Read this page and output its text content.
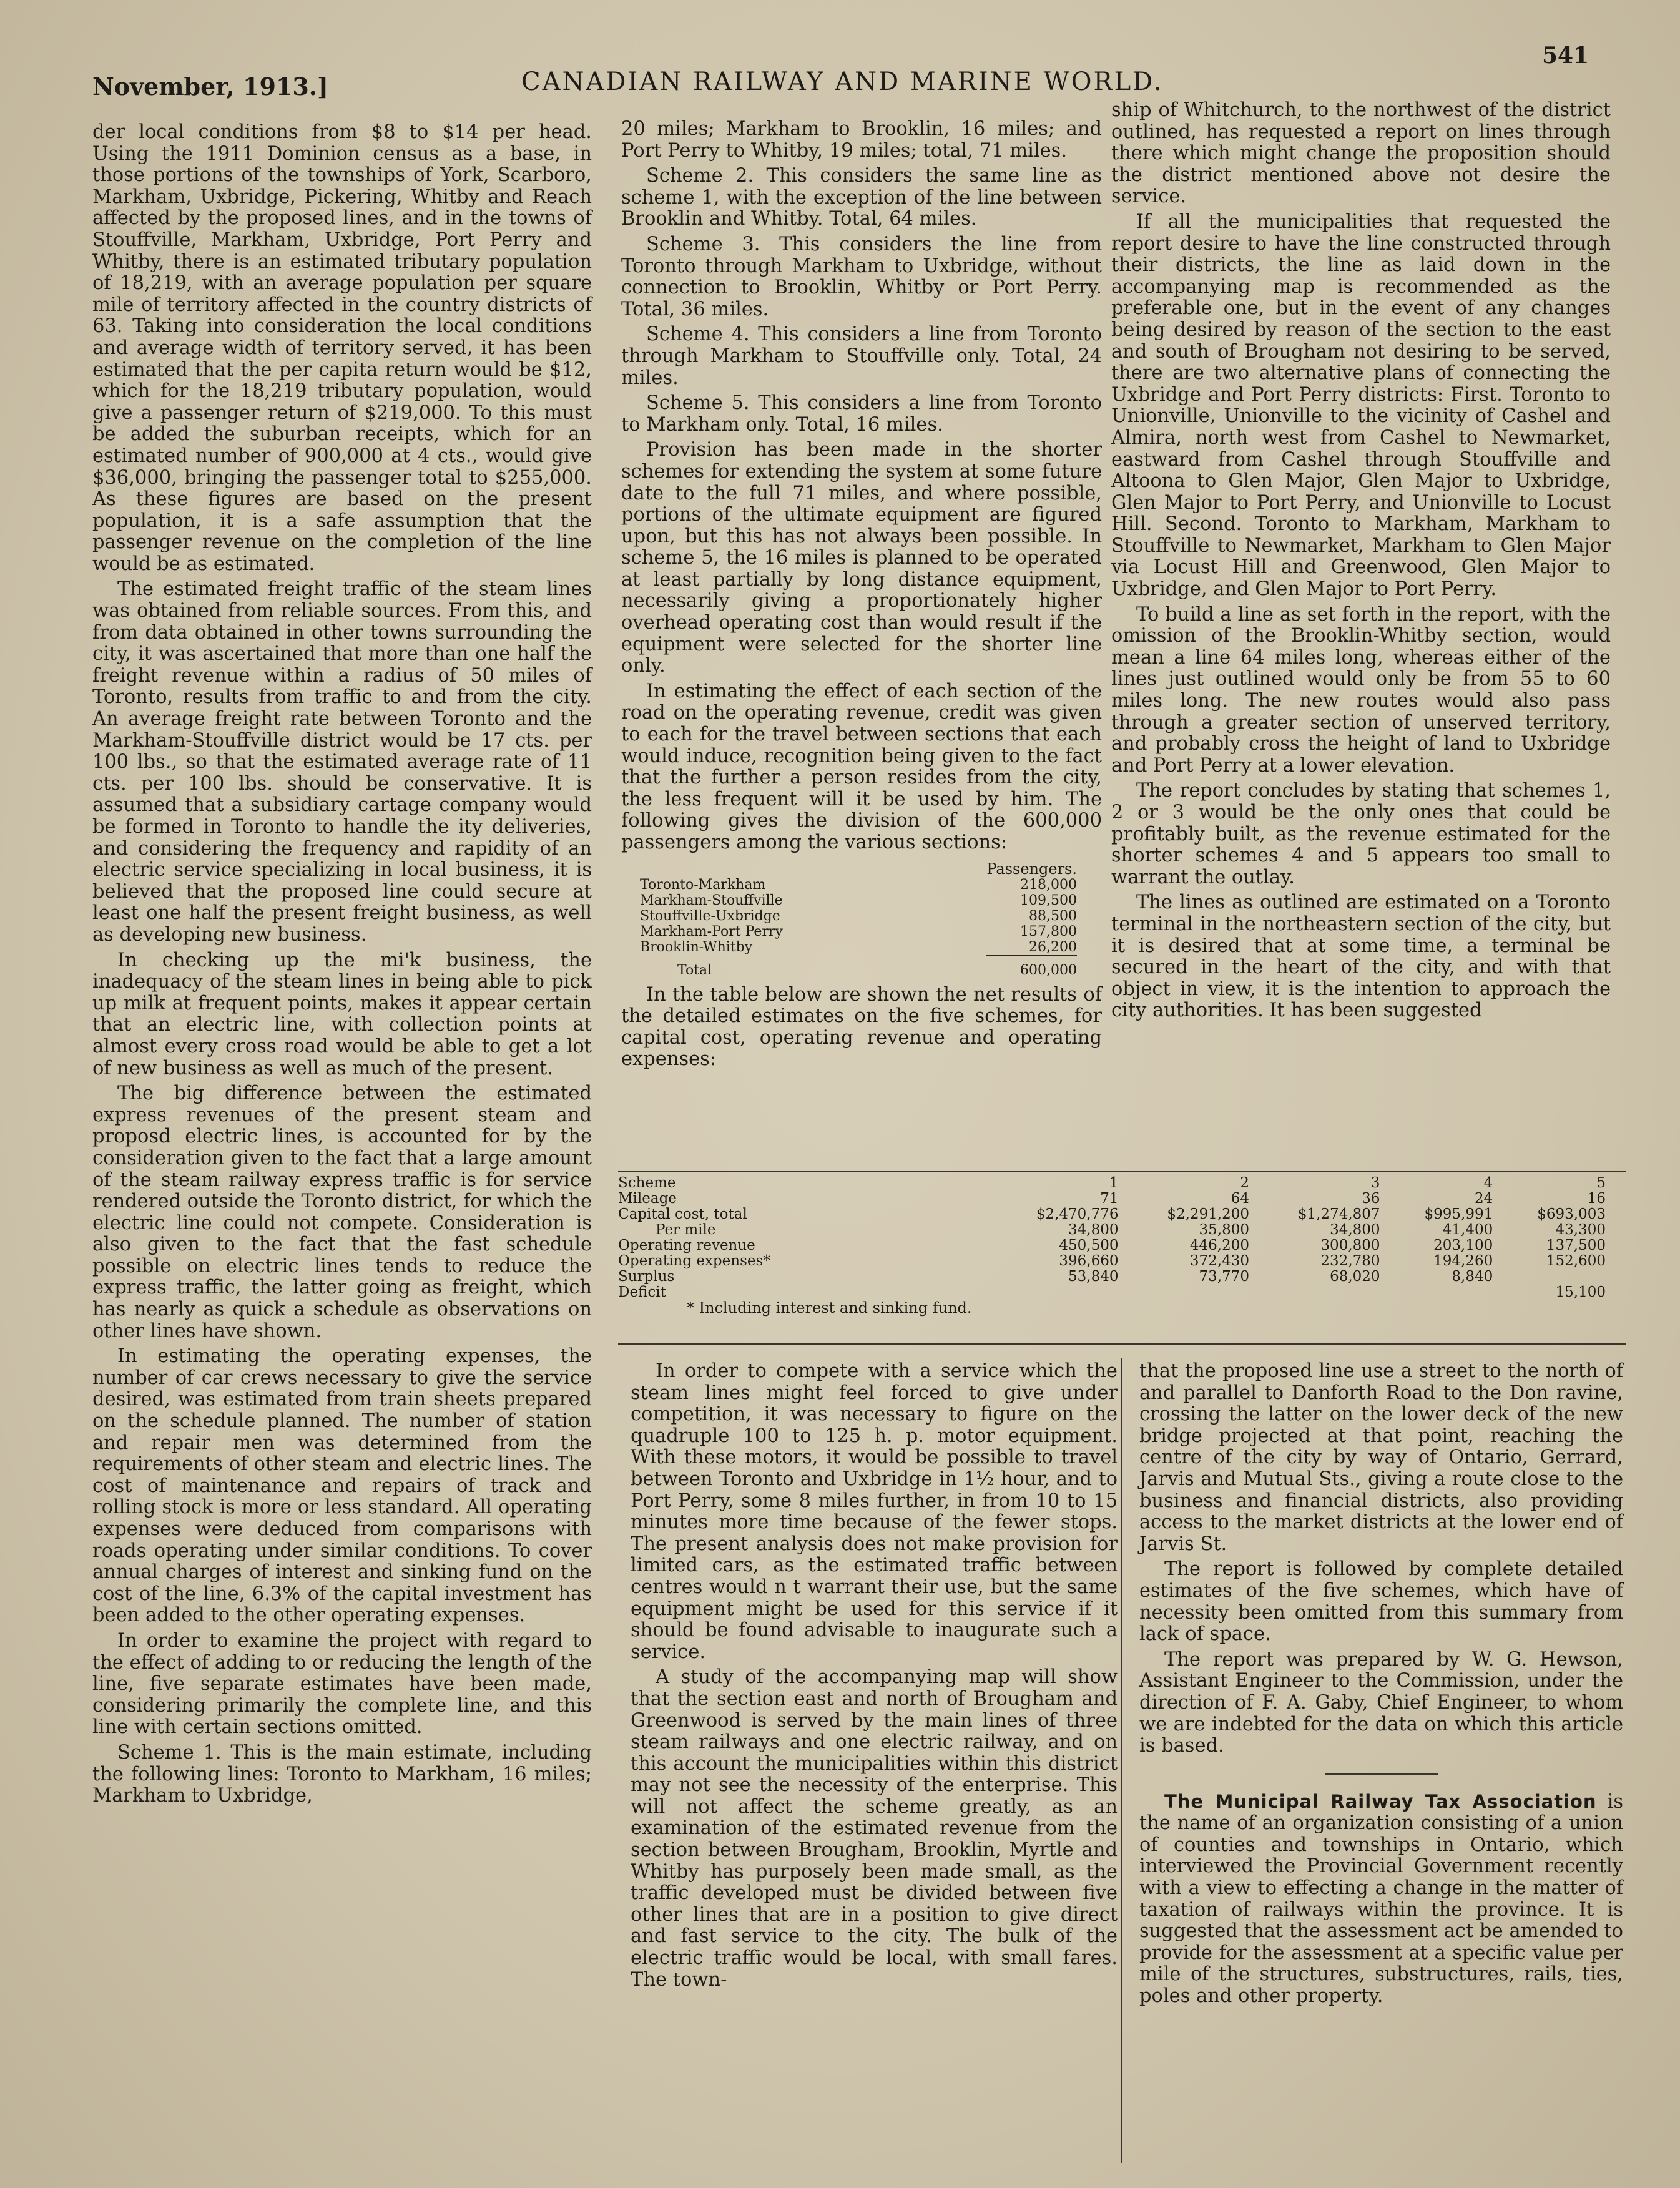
November, 1913.]	CANADIAN RAILWAY AND MARINE WORLD.
541

der local conditions from $8 to $14 per head. Using the 1911 Dominion census as a base, in those portions of the townships of York, Scarboro, Markham, Uxbridge, Pickering, Whitby and Reach affected by the proposed lines, and in the towns of Stouffville, Markham, Uxbridge, Port Perry and Whitby, there is an estimated tributary population of 18,219, with an average population per square mile of territory affected in the country districts of 63. Taking into consideration the local conditions and average width of territory served, it has been estimated that the per capita return would be $12, which for the 18,219 tributary population, would give a passenger return of $219,000. To this must be added the suburban receipts, which for an estimated number of 900,000 at 4 cts., would give $36,000, bringing the passenger total to $255,000. As these figures are based on the present population, it is a safe assumption that the passenger revenue on the completion of the line would be as estimated.

The estimated freight traffic of the steam lines was obtained from reliable sources. From this, and from data obtained in other towns surrounding the city, it was ascertained that more than one half the freight revenue within a radius of 50 miles of Toronto, results from traffic to and from the city. An average freight rate between Toronto and the Markham-Stouffville district would be 17 cts. per 100 lbs., so that the estimated average rate of 11 cts. per 100 lbs. should be conservative. It is assumed that a subsidiary cartage company would be formed in Toronto to handle the ity deliveries, and considering the frequency and rapidity of an electric service specializing in local business, it is believed that the proposed line could secure at least one half the present freight business, as well as developing new business.

In checking up the mi'k business, the inadequacy of the steam lines in being able to pick up milk at frequent points, makes it appear certain that an electric line, with collection points at almost every cross road would be able to get a lot of new business as well as much of the present.

The big difference between the estimated express revenues of the present steam and proposd electric lines, is accounted for by the consideration given to the fact that a large amount of the steam railway express traffic is for service rendered outside the Toronto district, for which the electric line could not compete. Consideration is also given to the fact that the fast schedule possible on electric lines tends to reduce the express traffic, the latter going as freight, which has nearly as quick a schedule as observations on other lines have shown.

In estimating the operating expenses, the number of car crews necessary to give the service desired, was estimated from train sheets prepared on the schedule planned. The number of station and repair men was determined from the requirements of other steam and electric lines. The cost of maintenance and repairs of track and rolling stock is more or less standard. All operating expenses were deduced from comparisons with roads operating under similar conditions. To cover annual charges of interest and sinking fund on the cost of the line, 6.3% of the capital investment has been added to the other operating expenses.

In order to examine the project with regard to the effect of adding to or reducing the length of the line, five separate estimates have been made, considering primarily the complete line, and this line with certain sections omitted.

Scheme 1. This is the main estimate, including the following lines: Toronto to Markham, 16 miles; Markham to Uxbridge,

20 miles; Markham to Brooklin, 16 miles; and Port Perry to Whitby, 19 miles; total, 71 miles.

Scheme 2. This considers the same line as scheme 1, with the exception of the line between Brooklin and Whitby. Total, 64 miles.

Scheme 3. This considers the line from Toronto through Markham to Uxbridge, without connection to Brooklin, Whitby or Port Perry. Total, 36 miles.

Scheme 4. This considers a line from Toronto through Markham to Stouffville only. Total, 24 miles.

Scheme 5. This considers a line from Toronto to Markham only. Total, 16 miles.

Provision has been made in the shorter schemes for extending the system at some future date to the full 71 miles, and where possible, portions of the ultimate equipment are figured upon, but this has not always been possible. In scheme 5, the 16 miles is planned to be operated at least partially by long distance equipment, necessarily giving a proportionately higher overhead operating cost than would result if the equipment were selected for the shorter line only.

In estimating the effect of each section of the road on the operating revenue, credit was given to each for the travel between sections that each would induce, recognition being given to the fact that the further a person resides from the city, the less frequent will it be used by him. The following gives the division of the 600,000 passengers among the various sections:

	Passengers.
Toronto-Markham	218,000
Markham-Stouffville	109,500
Stouffville-Uxbridge	88,500
Markham-Port Perry	157,800
Brooklin-Whitby	26,200

Total	600,000

In the table below are shown the net results of the detailed estimates on the five schemes, for capital cost, operating revenue and operating expenses:

ship of Whitchurch, to the northwest of the district outlined, has requested a report on lines through there which might change the proposition should the district mentioned above not desire the service.

If all the municipalities that requested the report desire to have the line constructed through their districts, the line as laid down in the accompanying map is recommended as the preferable one, but in the event of any changes being desired by reason of the section to the east and south of Brougham not desiring to be served, there are two alternative plans of connecting the Uxbridge and Port Perry districts: First. Toronto to Unionville, Unionville to the vicinity of Cashel and Almira, north west from Cashel to Newmarket, eastward from Cashel through Stouffville and Altoona to Glen Major, Glen Major to Uxbridge, Glen Major to Port Perry, and Unionville to Locust Hill. Second. Toronto to Markham, Markham to Stouffville to Newmarket, Markham to Glen Major via Locust Hill and Greenwood, Glen Major to Uxbridge, and Glen Major to Port Perry.

To build a line as set forth in the report, with the omission of the Brooklin-Whitby section, would mean a line 64 miles long, whereas either of the lines just outlined would only be from 55 to 60 miles long. The new routes would also pass through a greater section of unserved territory, and probably cross the height of land to Uxbridge and Port Perry at a lower elevation.

The report concludes by stating that schemes 1, 2 or 3 would be the only ones that could be profitably built, as the revenue estimated for the shorter schemes 4 and 5 appears too small to warrant the outlay.

The lines as outlined are estimated on a Toronto terminal in the northeastern section of the city, but it is desired that at some time, a terminal be secured in the heart of the city, and with that object in view, it is the intention to approach the city authorities. It has been suggested

Scheme	1	2	3	4	5
Mileage	71	64	36	24	16
Capital cost, total	$2,470,776	$2,291,200	$1,274,807	$995,991	$693,003
Per mile	34,800	35,800	34,800	41,400	43,300
Operating revenue	450,500	446,200	300,800	203,100	137,500
Operating expenses*	396,660	372,430	232,780	194,260	152,600
Surplus	53,840	73,770	68,020	8,840	
Deficit					15,100
* Including interest and sinking fund.

In order to compete with a service which the steam lines might feel forced to give under competition, it was necessary to figure on the quadruple 100 to 125 h. p. motor equipment. With these motors, it would be possible to travel between Toronto and Uxbridge in 1½ hour, and to Port Perry, some 8 miles further, in from 10 to 15 minutes more time because of the fewer stops. The present analysis does not make provision for limited cars, as the estimated traffic between centres would n t warrant their use, but the same equipment might be used for this service if it should be found advisable to inaugurate such a service.

A study of the accompanying map will show that the section east and north of Brougham and Greenwood is served by the main lines of three steam railways and one electric railway, and on this account the municipalities within this district may not see the necessity of the enterprise. This will not affect the scheme greatly, as an examination of the estimated revenue from the section between Brougham, Brooklin, Myrtle and Whitby has purposely been made small, as the traffic developed must be divided between five other lines that are in a position to give direct and fast service to the city. The bulk of the electric traffic would be local, with small fares. The town-

that the proposed line use a street to the north of and parallel to Danforth Road to the Don ravine, crossing the latter on the lower deck of the new bridge projected at that point, reaching the centre of the city by way of Ontario, Gerrard, Jarvis and Mutual Sts., giving a route close to the business and financial districts, also providing access to the market districts at the lower end of Jarvis St.

The report is followed by complete detailed estimates of the five schemes, which have of necessity been omitted from this summary from lack of space.

The report was prepared by W. G. Hewson, Assistant Engineer to the Commission, under the direction of F. A. Gaby, Chief Engineer, to whom we are indebted for the data on which this article is based.

The Municipal Railway Tax Association is the name of an organization consisting of a union of counties and townships in Ontario, which interviewed the Provincial Government recently with a view to effecting a change in the matter of taxation of railways within the province. It is suggested that the assessment act be amended to provide for the assessment at a specific value per mile of the structures, substructures, rails, ties, poles and other property.
